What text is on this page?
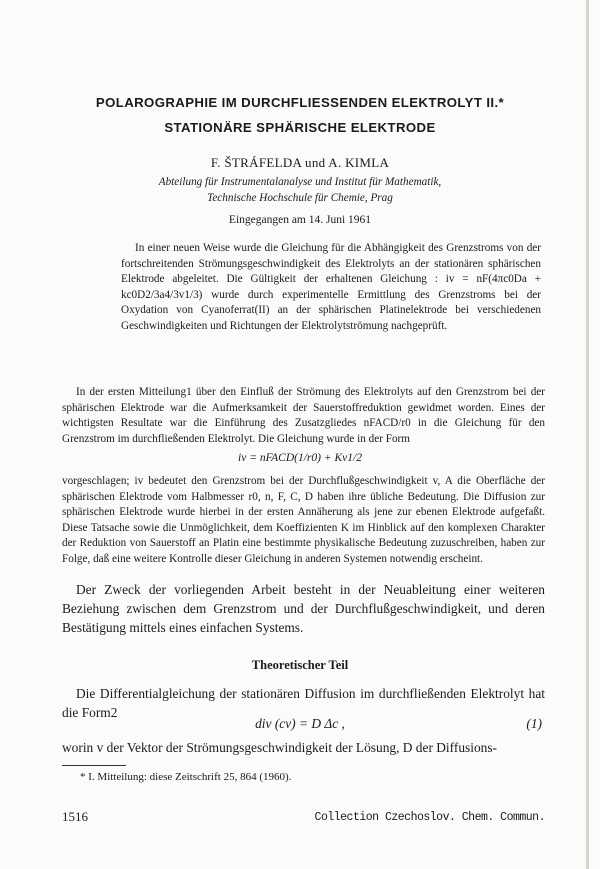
POLAROGRAPHIE IM DURCHFLIESSENDEN ELEKTROLYT II.*
STATIONÄRE SPHÄRISCHE ELEKTRODE
F. ŠTRÁFELDA und A. KIMLA
Abteilung für Instrumentalanalyse und Institut für Mathematik,
Technische Hochschule für Chemie, Prag
Eingegangen am 14. Juni 1961
In einer neuen Weise wurde die Gleichung für die Abhängigkeit des Grenzstroms von der fortschreitenden Strömungsgeschwindigkeit des Elektrolyts an der stationären sphärischen Elektrode abgeleitet. Die Gültigkeit der erhaltenen Gleichung : iv = nF(4πc0Da + kc0D2/3a4/3v1/3) wurde durch experimentelle Ermittlung des Grenzstroms bei der Oxydation von Cyanoferrat(II) an der sphärischen Platinelektrode bei verschiedenen Geschwindigkeiten und Richtungen der Elektrolytströmung nachgeprüft.

In der ersten Mitteilung1 über den Einfluß der Strömung des Elektrolyts auf den Grenzstrom bei der sphärischen Elektrode war die Aufmerksamkeit der Sauerstoffreduktion gewidmet worden. Eines der wichtigsten Resultate war die Einführung des Zusatzgliedes nFACD/r0 in die Gleichung für den Grenzstrom im durchfließenden Elektrolyt. Die Gleichung wurde in der Form

iv = nFACD(1/r0) + Kv1/2

vorgeschlagen; iv bedeutet den Grenzstrom bei der Durchflußgeschwindigkeit v, A die Oberfläche der sphärischen Elektrode vom Halbmesser r0, n, F, C, D haben ihre übliche Bedeutung. Die Diffusion zur sphärischen Elektrode wurde hierbei in der ersten Annäherung als jene zur ebenen Elektrode aufgefaßt. Diese Tatsache sowie die Unmöglichkeit, dem Koeffizienten K im Hinblick auf den komplexen Charakter der Reduktion von Sauerstoff an Platin eine bestimmte physikalische Bedeutung zuzuschreiben, haben zur Folge, daß eine weitere Kontrolle dieser Gleichung in anderen Systemen notwendig erscheint.

Der Zweck der vorliegenden Arbeit besteht in der Neuableitung einer weiteren Beziehung zwischen dem Grenzstrom und der Durchflußgeschwindigkeit, und deren Bestätigung mittels eines einfachen Systems.

Theoretischer Teil

Die Differentialgleichung der stationären Diffusion im durchfließenden Elektrolyt hat die Form2

div (cv) = D Δc ,	(1)

worin v der Vektor der Strömungsgeschwindigkeit der Lösung, D der Diffusions-

* I. Mitteilung: diese Zeitschrift 25, 864 (1960).
1516	Collection Czechoslov. Chem. Commun.
